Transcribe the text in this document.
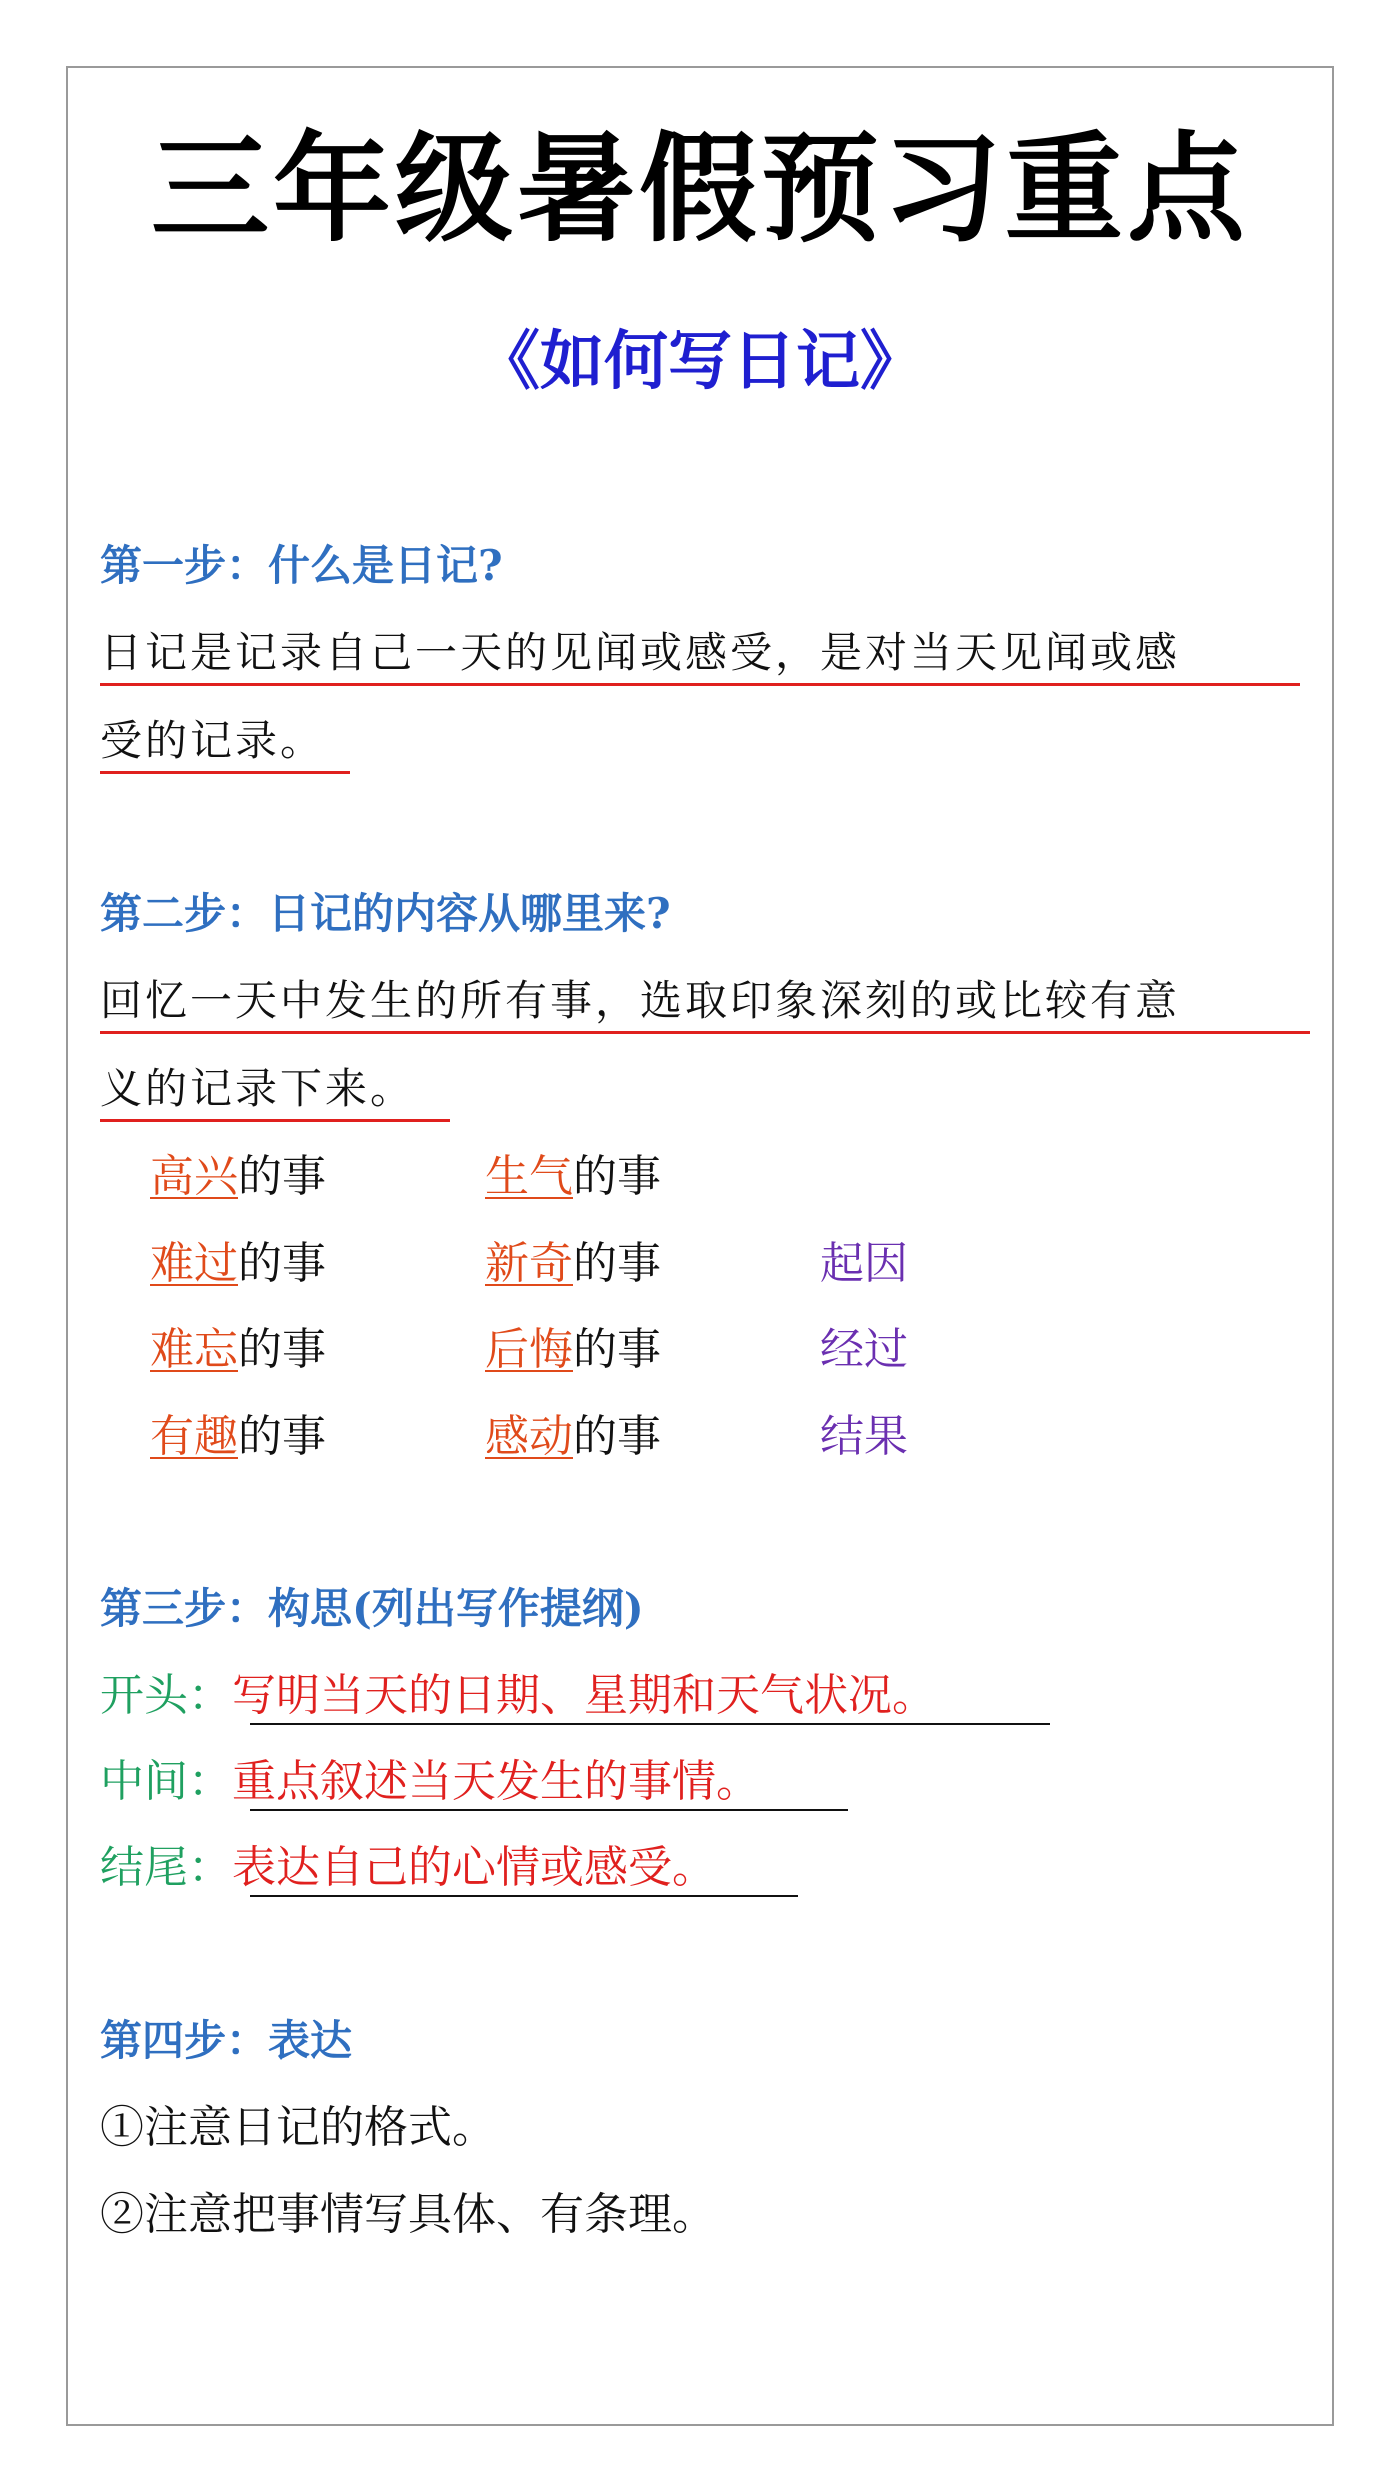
三年级暑假预习重点
《如何写日记》
第一步：什么是日记?
日记是记录自己一天的见闻或感受，是对当天见闻或感
受的记录。
第二步：日记的内容从哪里来?
回忆一天中发生的所有事，选取印象深刻的或比较有意
义的记录下来。
高兴的事	生气的事
难过的事	新奇的事	起因
难忘的事	后悔的事	经过
有趣的事	感动的事	结果
第三步：构思(列出写作提纲)
开头：写明当天的日期、星期和天气状况。
中间：重点叙述当天发生的事情。
结尾：表达自己的心情或感受。
第四步：表达
①注意日记的格式。
②注意把事情写具体、有条理。
